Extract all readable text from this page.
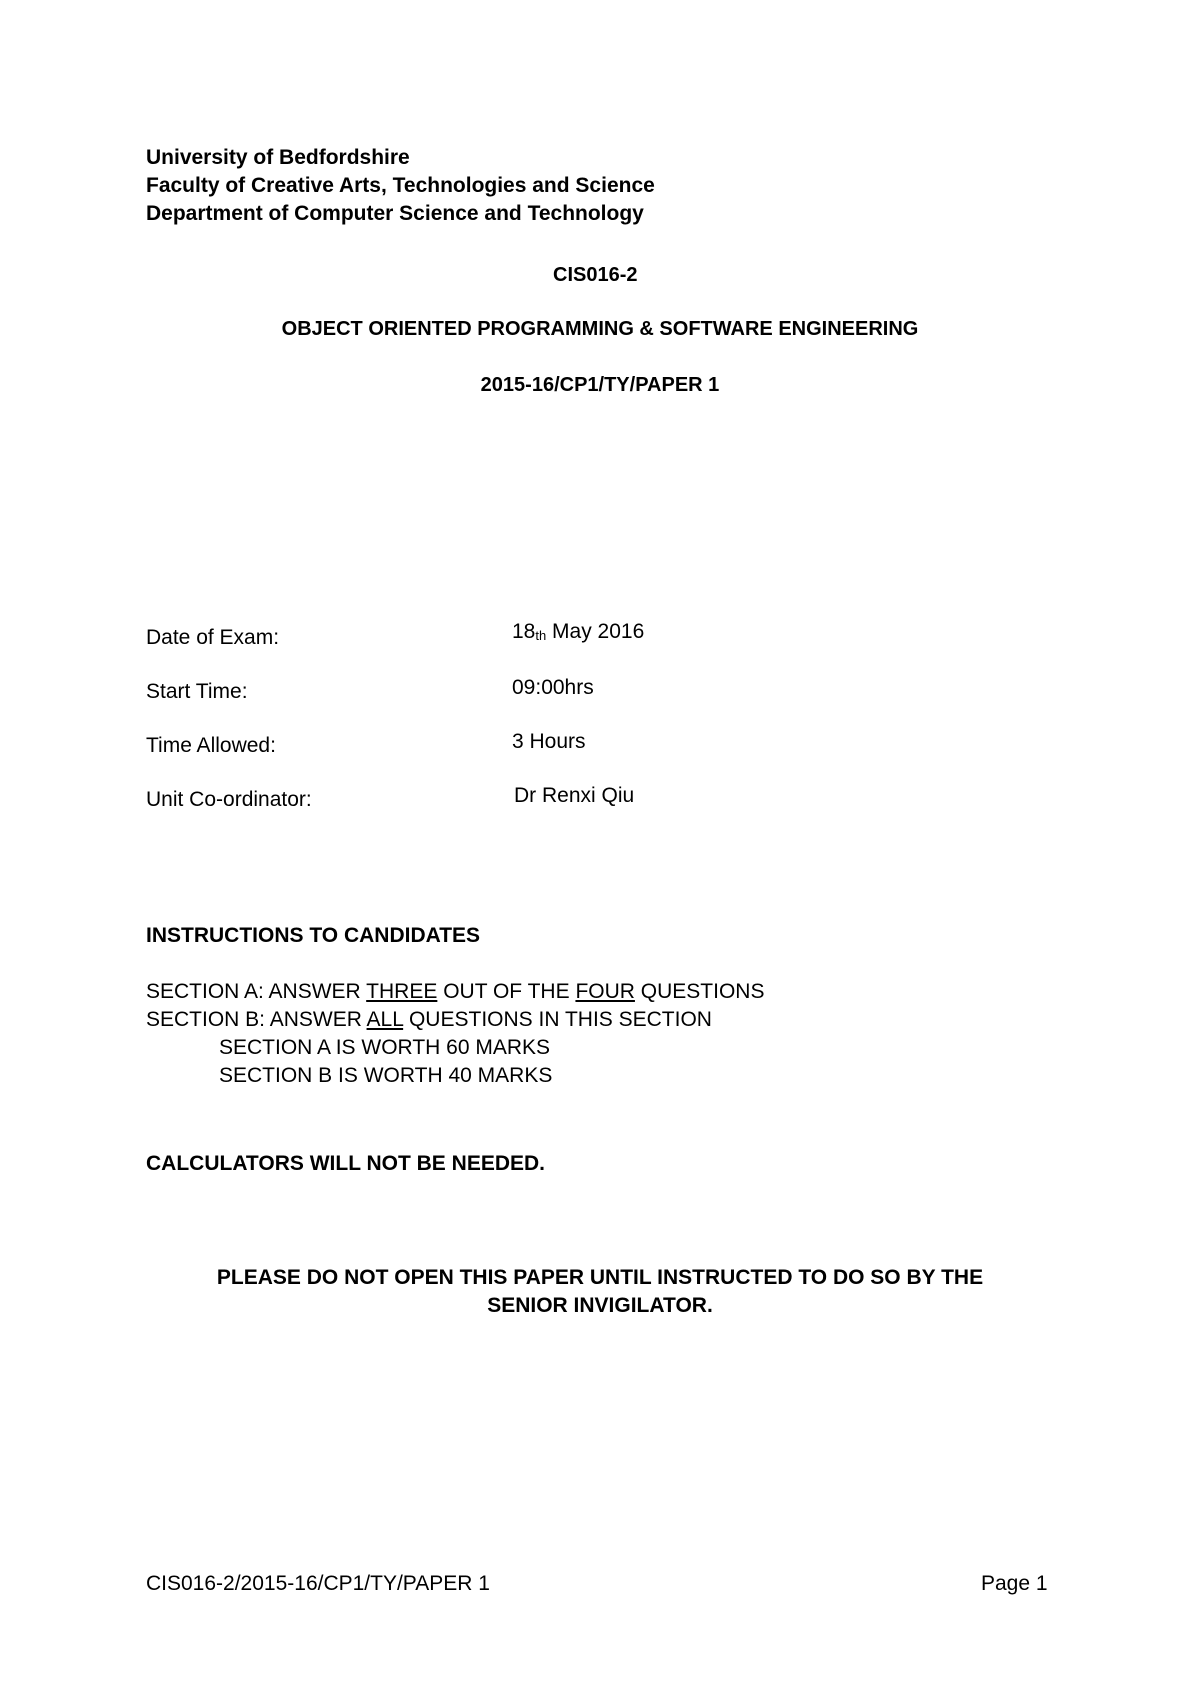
University of Bedfordshire
Faculty of Creative Arts, Technologies and Science
Department of Computer Science and Technology
CIS016-2
OBJECT ORIENTED PROGRAMMING & SOFTWARE ENGINEERING
2015-16/CP1/TY/PAPER 1
Date of Exam:	$18_{th}$ May 2016
Start Time:	09:00hrs
Time Allowed:	3 Hours
Unit Co-ordinator:	Dr Renxi Qiu
INSTRUCTIONS TO CANDIDATES
SECTION A: ANSWER THREE OUT OF THE FOUR QUESTIONS
SECTION B: ANSWER ALL QUESTIONS IN THIS SECTION
SECTION A IS WORTH 60 MARKS
SECTION B IS WORTH 40 MARKS
CALCULATORS WILL NOT BE NEEDED.
PLEASE DO NOT OPEN THIS PAPER UNTIL INSTRUCTED TO DO SO BY THE
SENIOR INVIGILATOR.
CIS016-2/2015-16/CP1/TY/PAPER 1	Page 1
